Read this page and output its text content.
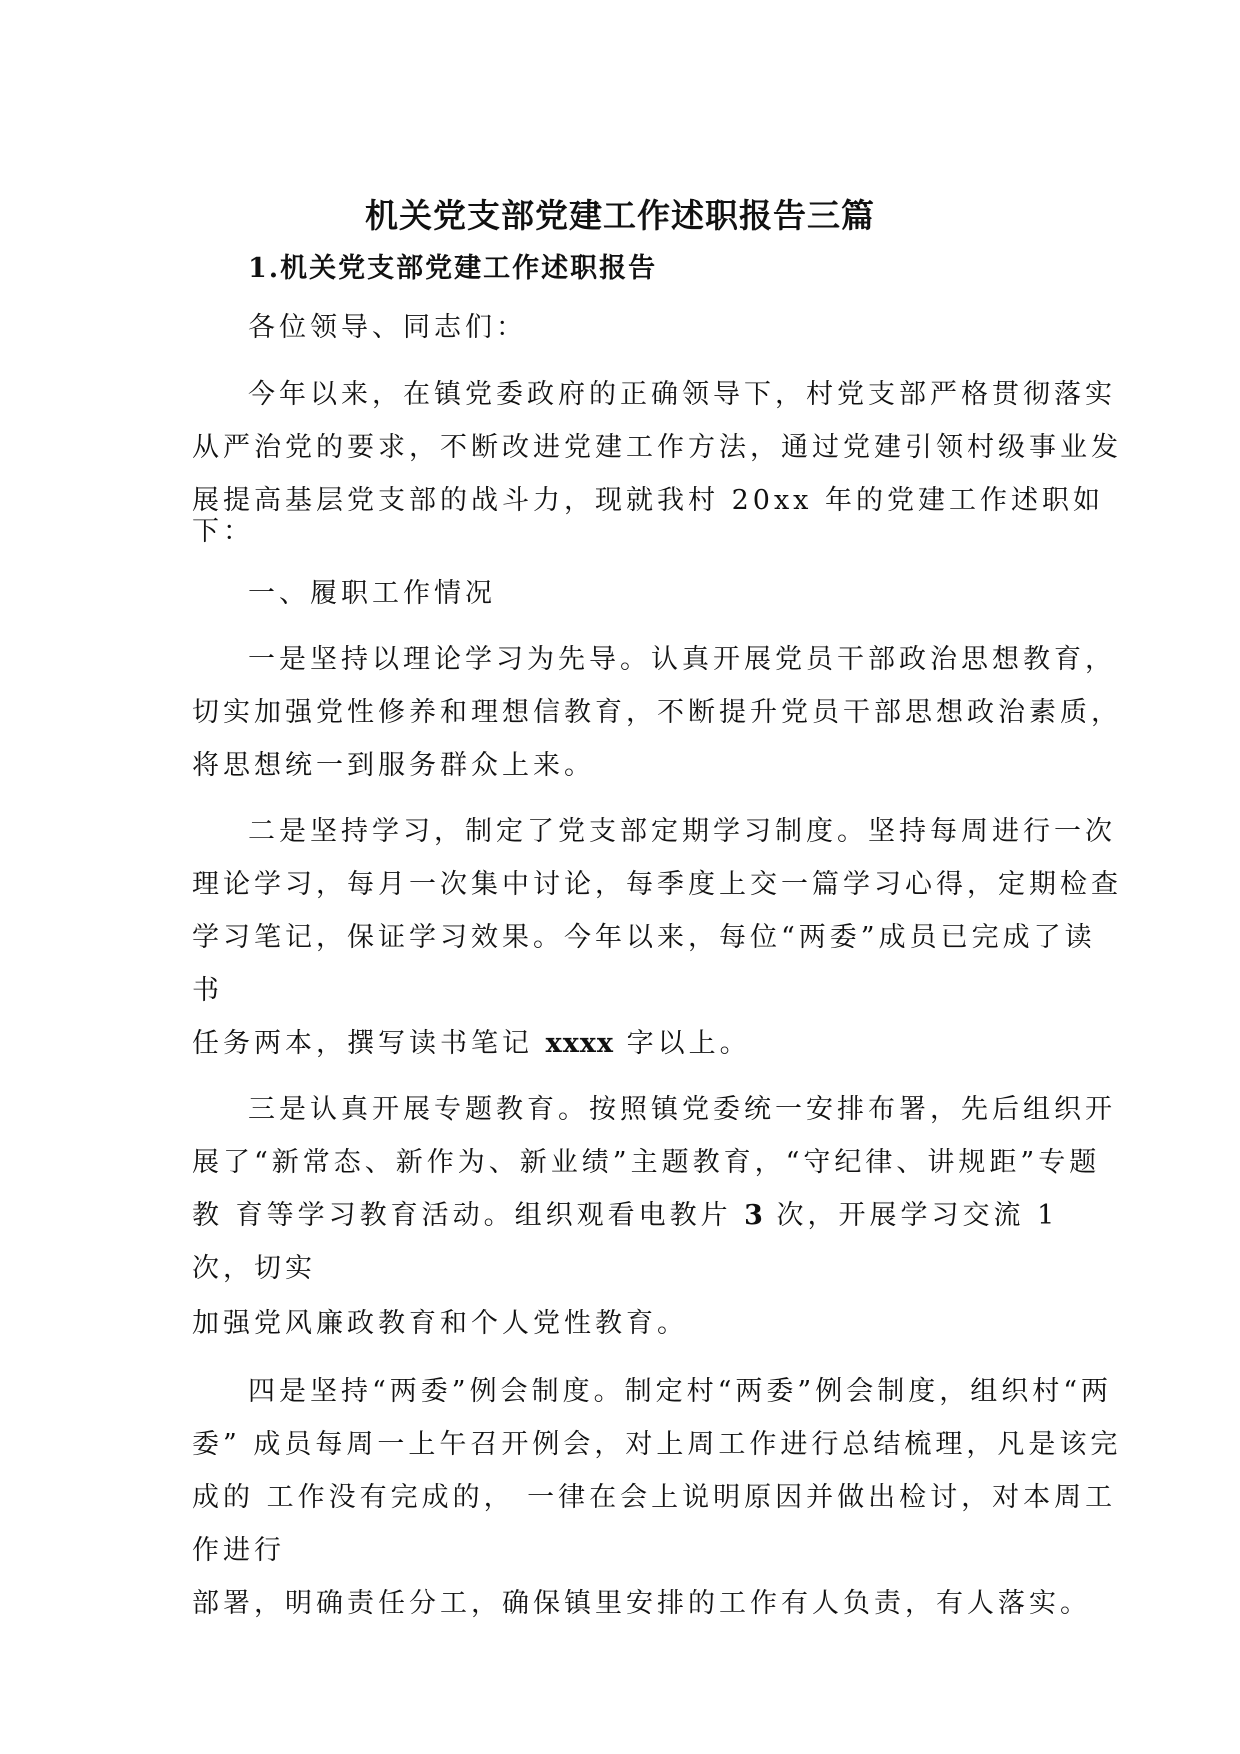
机关党支部党建工作述职报告三篇
1.机关党支部党建工作述职报告
各位领导、同志们：
今年以来，在镇党委政府的正确领导下，村党支部严格贯彻落实
从严治党的要求，不断改进党建工作方法，通过党建引领村级事业发
展提高基层党支部的战斗力，现就我村 20xx 年的党建工作述职如
下：
一、履职工作情况
一是坚持以理论学习为先导。认真开展党员干部政治思想教育，
切实加强党性修养和理想信教育，不断提升党员干部思想政治素质，
将思想统一到服务群众上来。
二是坚持学习，制定了党支部定期学习制度。坚持每周进行一次
理论学习，每月一次集中讨论，每季度上交一篇学习心得，定期检查
学习笔记，保证学习效果。今年以来，每位“两委”成员已完成了读
书
任务两本，撰写读书笔记 xxxx 字以上。
三是认真开展专题教育。按照镇党委统一安排布署，先后组织开
展了“新常态、新作为、新业绩”主题教育，“守纪律、讲规距”专题
教 育等学习教育活动。组织观看电教片 3 次，开展学习交流 1
次，切实
加强党风廉政教育和个人党性教育。
四是坚持“两委”例会制度。制定村“两委”例会制度，组织村“两
委” 成员每周一上午召开例会，对上周工作进行总结梳理，凡是该完
成的 工作没有完成的， 一律在会上说明原因并做出检讨，对本周工
作进行
部署，明确责任分工，确保镇里安排的工作有人负责，有人落实。
